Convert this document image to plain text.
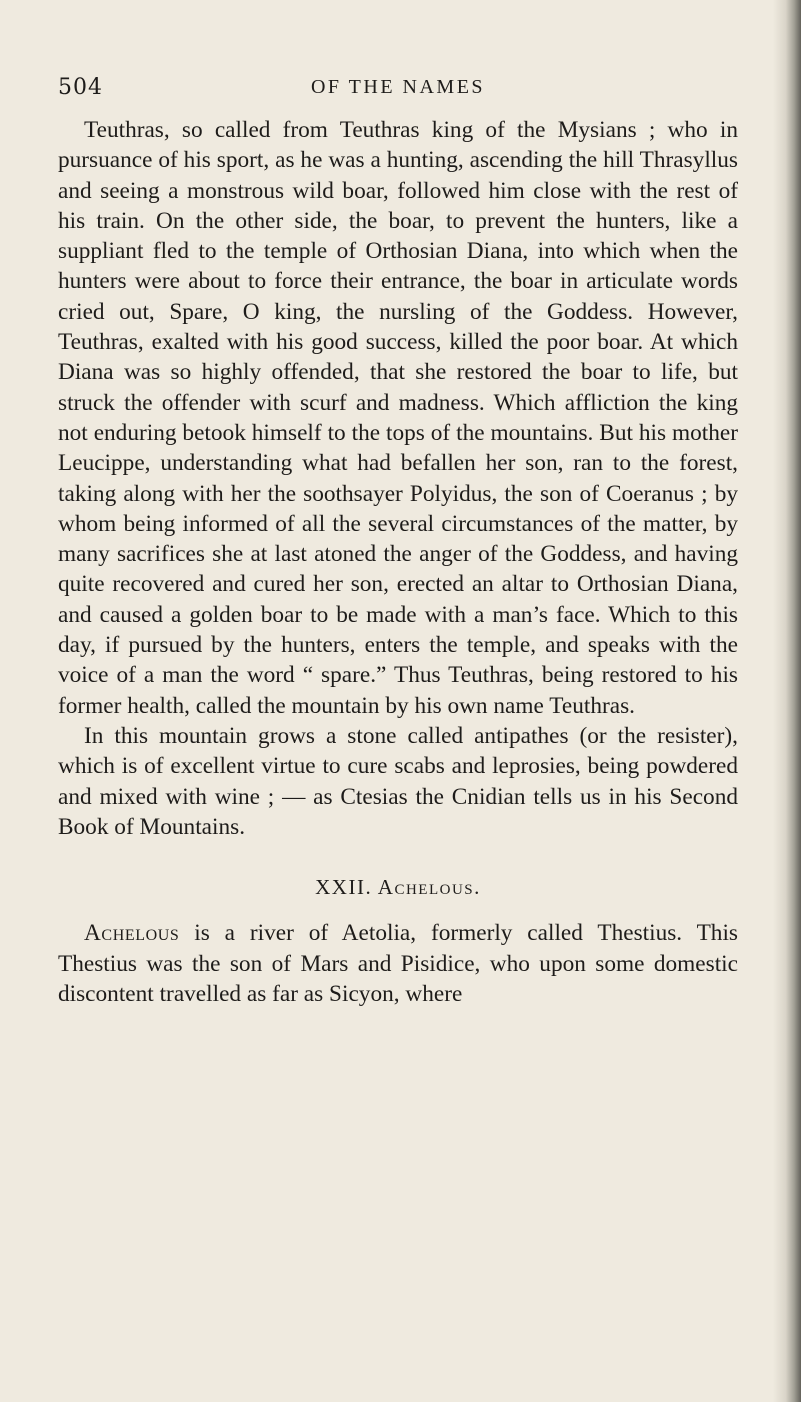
504	OF THE NAMES

Teuthras, so called from Teuthras king of the Mysians ; who in pursuance of his sport, as he was a hunting, ascending the hill Thrasyllus and seeing a monstrous wild boar, followed him close with the rest of his train. On the other side, the boar, to prevent the hunters, like a suppliant fled to the temple of Orthosian Diana, into which when the hunters were about to force their entrance, the boar in articulate words cried out, Spare, O king, the nursling of the Goddess. However, Teuthras, exalted with his good success, killed the poor boar. At which Diana was so highly offended, that she restored the boar to life, but struck the offender with scurf and madness. Which affliction the king not enduring betook himself to the tops of the mountains. But his mother Leucippe, understanding what had befallen her son, ran to the forest, taking along with her the soothsayer Polyidus, the son of Coeranus ; by whom being informed of all the several circumstances of the matter, by many sacrifices she at last atoned the anger of the Goddess, and having quite recovered and cured her son, erected an altar to Orthosian Diana, and caused a golden boar to be made with a man’s face. Which to this day, if pursued by the hunters, enters the temple, and speaks with the voice of a man the word “ spare.” Thus Teuthras, being restored to his former health, called the mountain by his own name Teuthras.

In this mountain grows a stone called antipathes (or the resister), which is of excellent virtue to cure scabs and leprosies, being powdered and mixed with wine ; — as Ctesias the Cnidian tells us in his Second Book of Mountains.

XXII. Achelous.

Achelous is a river of Aetolia, formerly called Thestius. This Thestius was the son of Mars and Pisidice, who upon some domestic discontent travelled as far as Sicyon, where
